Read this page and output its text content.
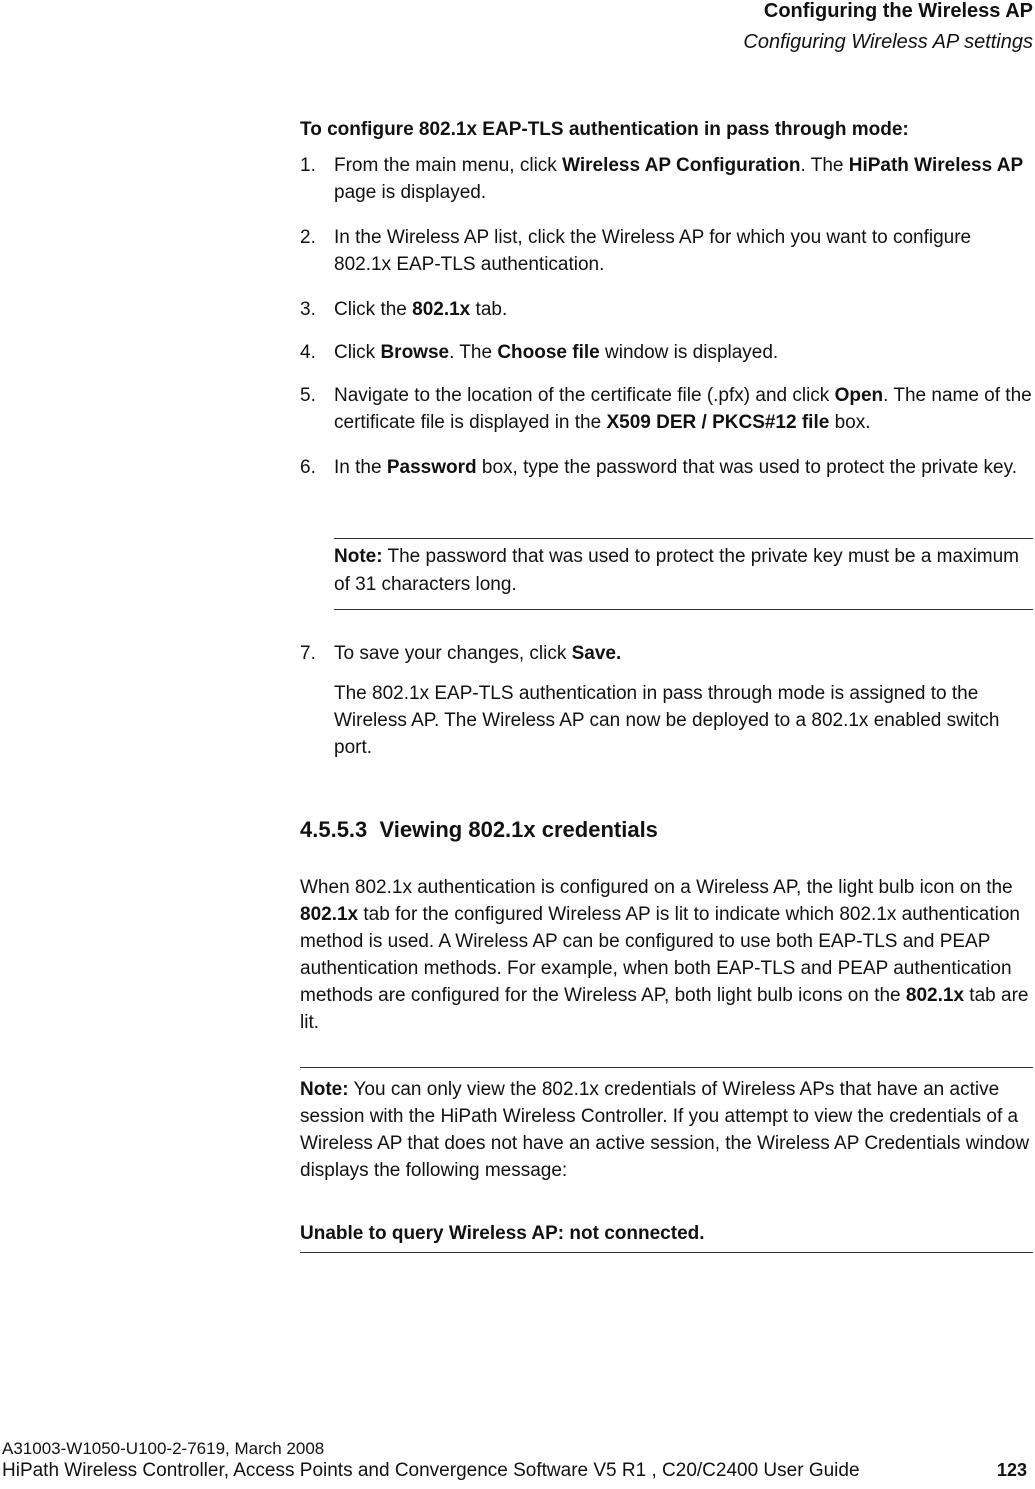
Configuring the Wireless AP
Configuring Wireless AP settings
To configure 802.1x EAP-TLS authentication in pass through mode:
1. From the main menu, click Wireless AP Configuration. The HiPath Wireless AP page is displayed.
2. In the Wireless AP list, click the Wireless AP for which you want to configure 802.1x EAP-TLS authentication.
3. Click the 802.1x tab.
4. Click Browse. The Choose file window is displayed.
5. Navigate to the location of the certificate file (.pfx) and click Open. The name of the certificate file is displayed in the X509 DER / PKCS#12 file box.
6. In the Password box, type the password that was used to protect the private key.
Note: The password that was used to protect the private key must be a maximum of 31 characters long.
7. To save your changes, click Save.
The 802.1x EAP-TLS authentication in pass through mode is assigned to the Wireless AP. The Wireless AP can now be deployed to a 802.1x enabled switch port.
4.5.5.3 Viewing 802.1x credentials
When 802.1x authentication is configured on a Wireless AP, the light bulb icon on the 802.1x tab for the configured Wireless AP is lit to indicate which 802.1x authentication method is used. A Wireless AP can be configured to use both EAP-TLS and PEAP authentication methods. For example, when both EAP-TLS and PEAP authentication methods are configured for the Wireless AP, both light bulb icons on the 802.1x tab are lit.
Note: You can only view the 802.1x credentials of Wireless APs that have an active session with the HiPath Wireless Controller. If you attempt to view the credentials of a Wireless AP that does not have an active session, the Wireless AP Credentials window displays the following message:
Unable to query Wireless AP: not connected.
A31003-W1050-U100-2-7619, March 2008
HiPath Wireless Controller, Access Points and Convergence Software V5 R1 , C20/C2400 User Guide	123
